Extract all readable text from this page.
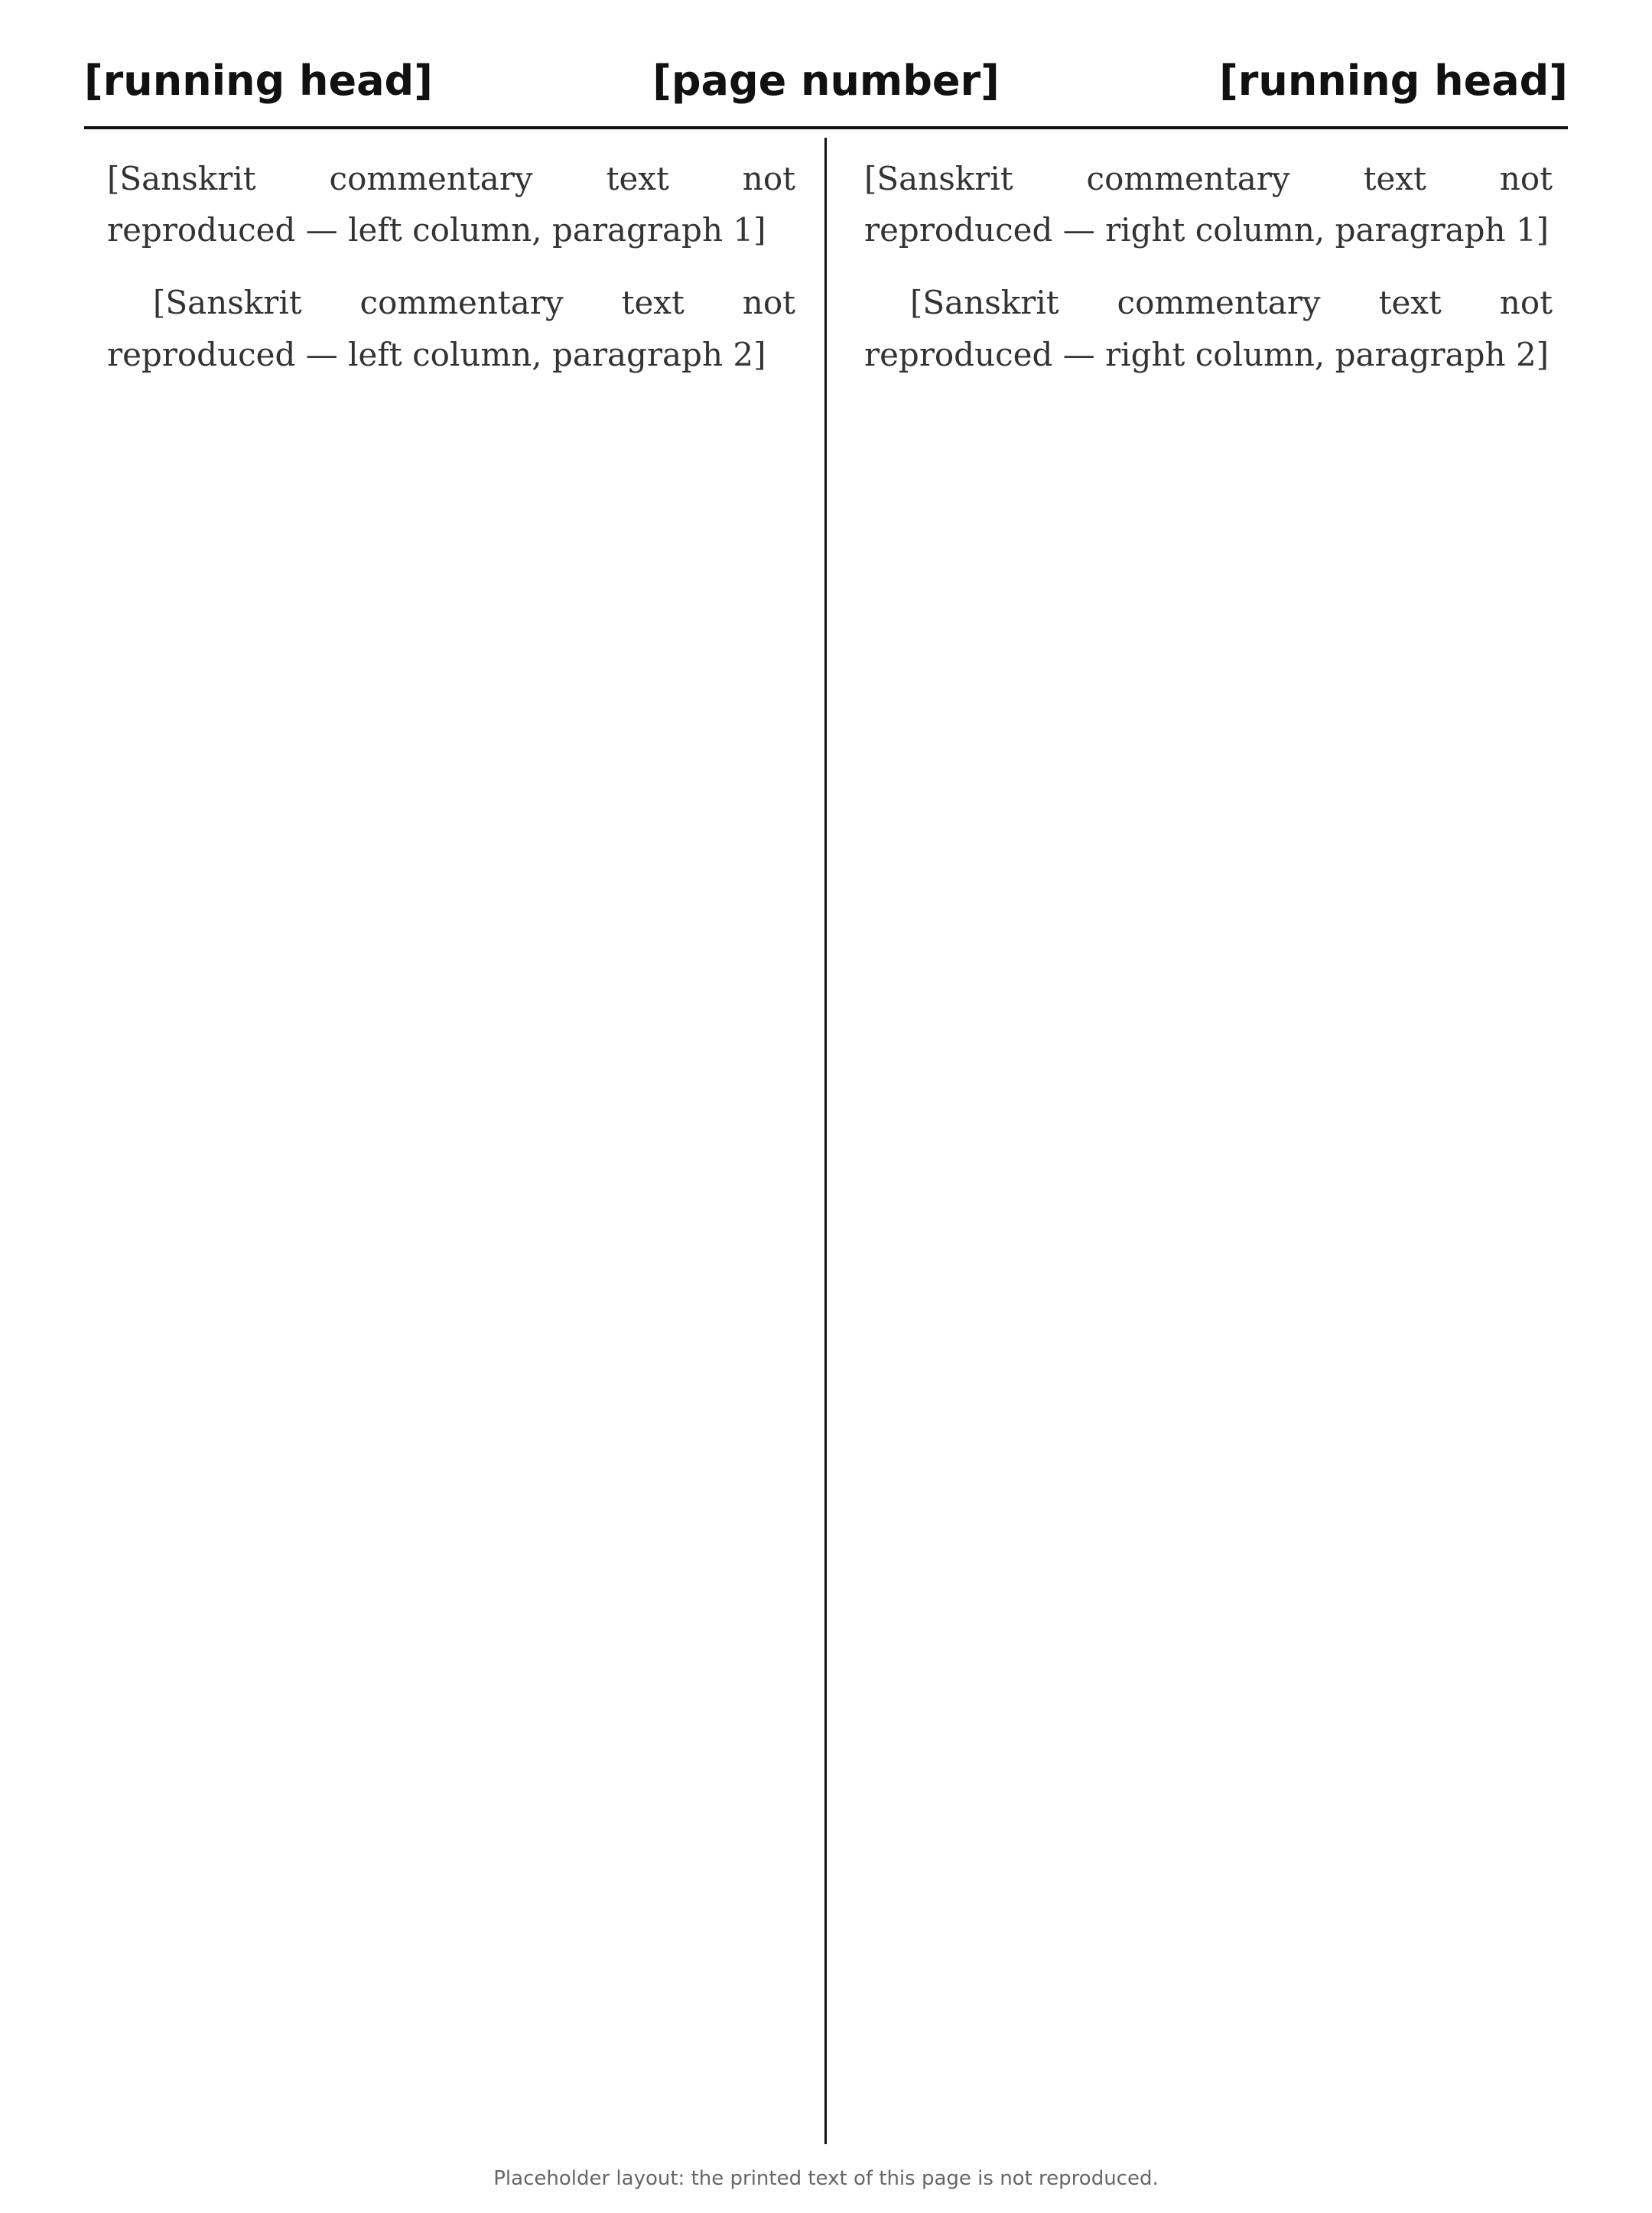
[running head]	[page number]	[running head]

[Sanskrit commentary text not reproduced — left column, paragraph 1]

[Sanskrit commentary text not reproduced — left column, paragraph 2]

[Sanskrit commentary text not reproduced — right column, paragraph 1]

[Sanskrit commentary text not reproduced — right column, paragraph 2]

Placeholder layout: the printed text of this page is not reproduced.
